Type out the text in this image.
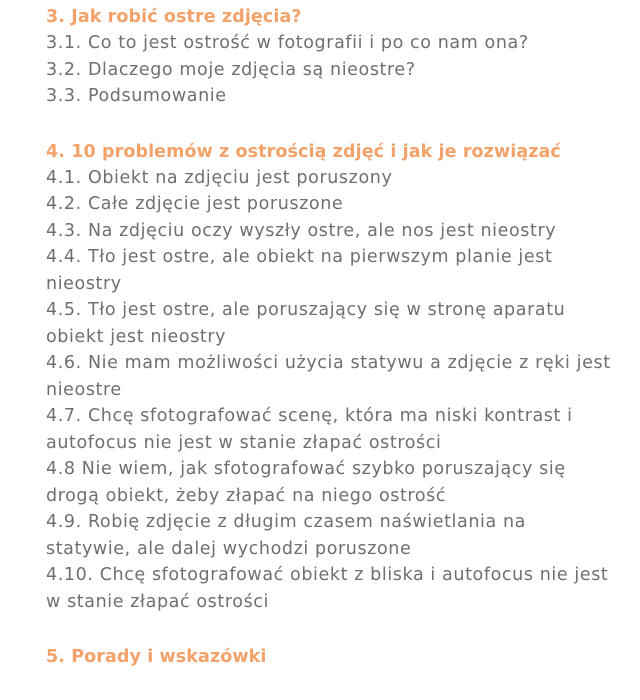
3. Jak robić ostre zdjęcia?
3.1. Co to jest ostrość w fotografii i po co nam ona?
3.2. Dlaczego moje zdjęcia są nieostre?
3.3. Podsumowanie
4. 10 problemów z ostrością zdjęć i jak je rozwiązać
4.1. Obiekt na zdjęciu jest poruszony
4.2. Całe zdjęcie jest poruszone
4.3. Na zdjęciu oczy wyszły ostre, ale nos jest nieostry
4.4. Tło jest ostre, ale obiekt na pierwszym planie jest nieostry
4.5. Tło jest ostre, ale poruszający się w stronę aparatu obiekt jest nieostry
4.6. Nie mam możliwości użycia statywu a zdjęcie z ręki jest nieostre
4.7. Chcę sfotografować scenę, która ma niski kontrast i autofocus nie jest w stanie złapać ostrości
4.8 Nie wiem, jak sfotografować szybko poruszający się drogą obiekt, żeby złapać na niego ostrość
4.9. Robię zdjęcie z długim czasem naświetlania na statywie, ale dalej wychodzi poruszone
4.10. Chcę sfotografować obiekt z bliska i autofocus nie jest w stanie złapać ostrości
5. Porady i wskazówki
